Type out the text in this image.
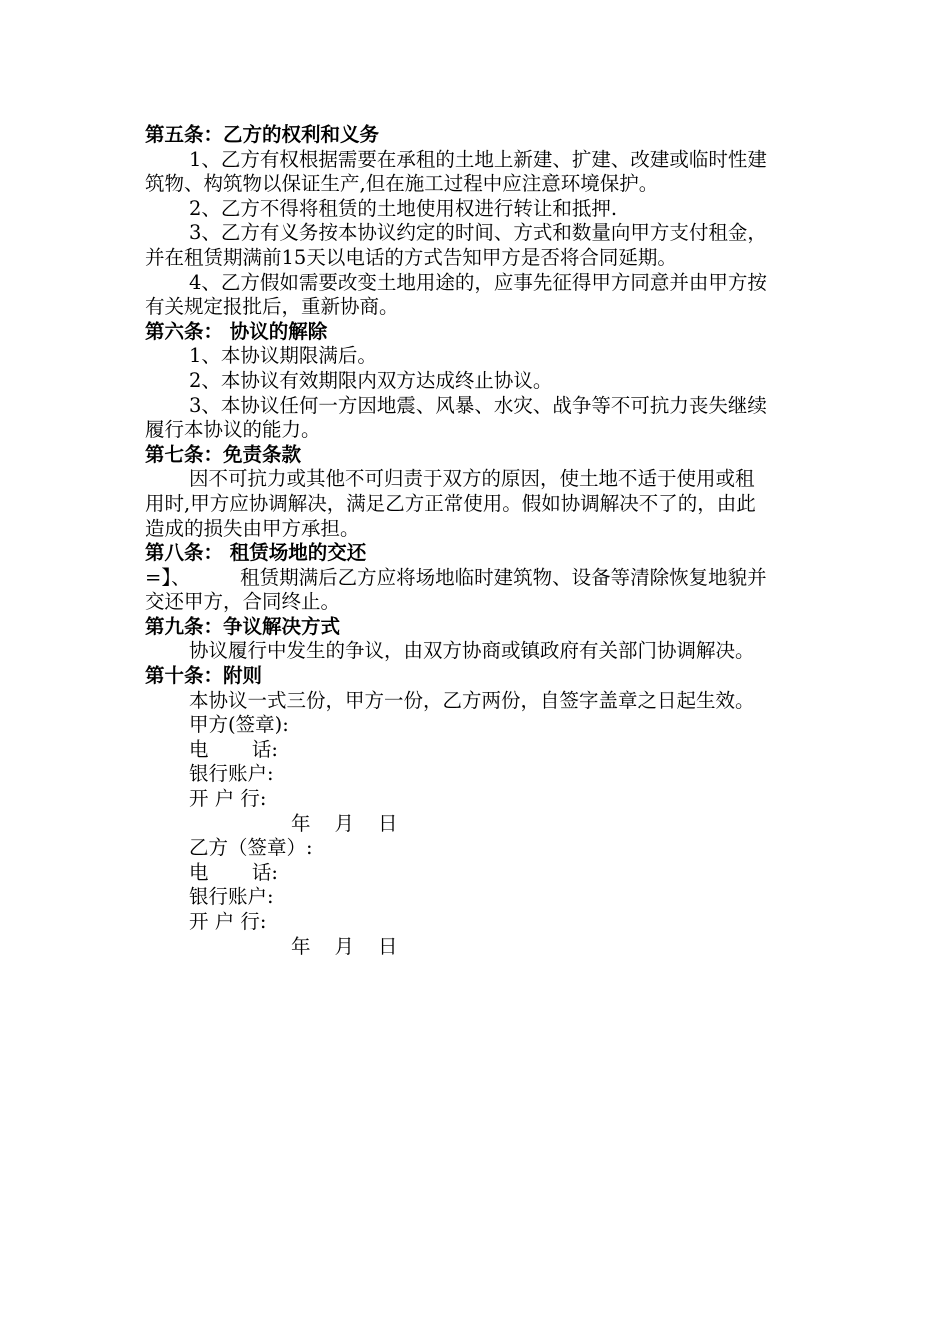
第五条：乙方的权利和义务
1、乙方有权根据需要在承租的土地上新建、扩建、改建或临时性建
筑物、构筑物以保证生产,但在施工过程中应注意环境保护。
2、乙方不得将租赁的土地使用权进行转让和抵押.
3、乙方有义务按本协议约定的时间、方式和数量向甲方支付租金，
并在租赁期满前15天以电话的方式告知甲方是否将合同延期。
4、乙方假如需要改变土地用途的，应事先征得甲方同意并由甲方按
有关规定报批后，重新协商。
第六条： 协议的解除
1、本协议期限满后。
2、本协议有效期限内双方达成终止协议。
3、本协议任何一方因地震、风暴、水灾、战争等不可抗力丧失继续
履行本协议的能力。
第七条：免责条款
因不可抗力或其他不可归责于双方的原因，使土地不适于使用或租
用时,甲方应协调解决，满足乙方正常使用。假如协调解决不了的，由此
造成的损失由甲方承担。
第八条： 租赁场地的交还
=】、        租赁期满后乙方应将场地临时建筑物、设备等清除恢复地貌并
交还甲方，合同终止。
第九条：争议解决方式
协议履行中发生的争议，由双方协商或镇政府有关部门协调解决。
第十条：附则
本协议一式三份，甲方一份，乙方两份，自签字盖章之日起生效。
甲方(签章):
电       话:
银行账户:
开 户 行:
年 月 日
乙方（签章）:
电       话:
银行账户:
开 户 行:
年 月 日
